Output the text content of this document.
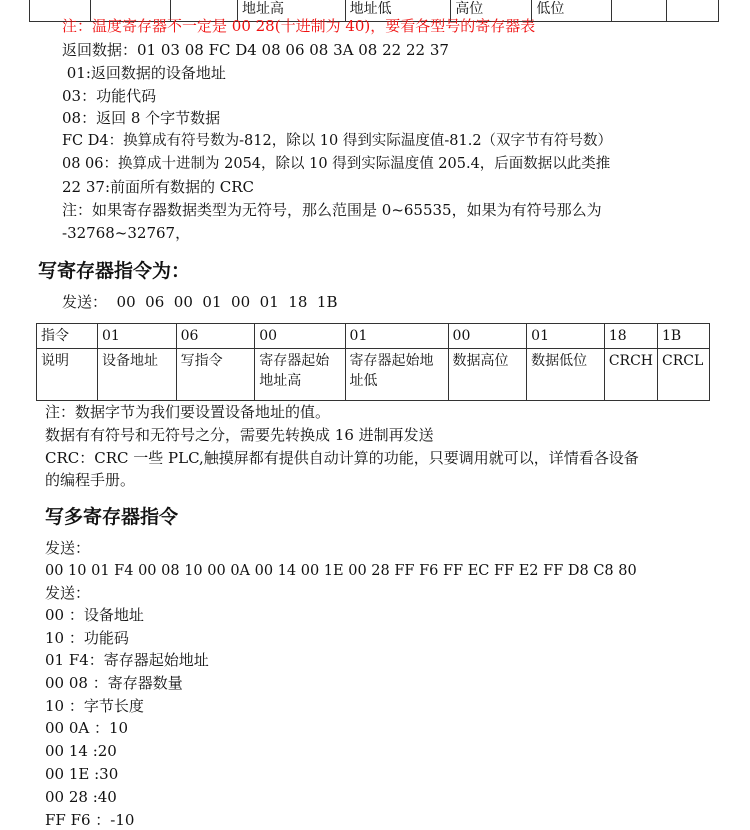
			地址高	地址低	高位	低位		
注：温度寄存器不一定是 00 28(十进制为 40)，要看各型号的寄存器表
返回数据：01 03 08 FC D4 08 06 08 3A 08 22 22 37
01:返回数据的设备地址
03：功能代码
08：返回 8 个字节数据
FC D4：换算成有符号数为-812，除以 10 得到实际温度值-81.2（双字节有符号数）
08 06：换算成十进制为 2054，除以 10 得到实际温度值 205.4，后面数据以此类推
22 37:前面所有数据的 CRC
注：如果寄存器数据类型为无符号，那么范围是 0~65535，如果为有符号那么为
-32768~32767，
写寄存器指令为：
发送：  00  06  00  01  00  01  18  1B
指令	01	06	00	01	00	01	18	1B
说明	设备地址	写指令	寄存器起始地址高	寄存器起始地址低	数据高位	数据低位	CRCH	CRCL
注：数据字节为我们要设置设备地址的值。
数据有有符号和无符号之分，需要先转换成 16 进制再发送
CRC：CRC 一些 PLC,触摸屏都有提供自动计算的功能，只要调用就可以，详情看各设备
的编程手册。
写多寄存器指令
发送：
00 10 01 F4 00 08 10 00 0A 00 14 00 1E 00 28 FF F6 FF EC FF E2 FF D8 C8 80
发送：
00 ：设备地址
10 ：功能码
01 F4：寄存器起始地址
00 08 ：寄存器数量
10 ：字节长度
00 0A ：10
00 14 :20
00 1E :30
00 28 :40
FF F6 ：-10
